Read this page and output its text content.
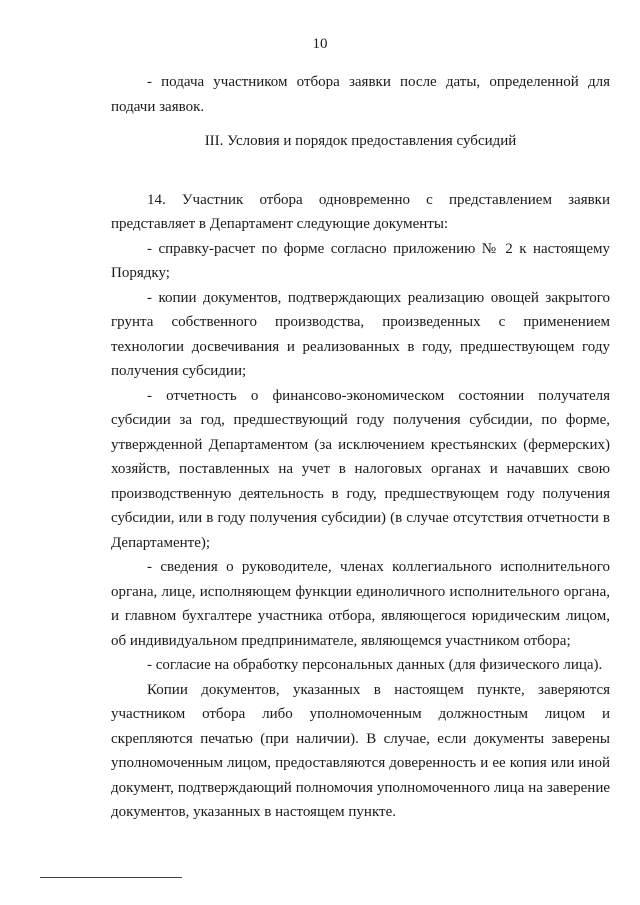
10

- подача участником отбора заявки после даты, определенной для подачи заявок.

III. Условия и порядок предоставления субсидий

14. Участник отбора одновременно с представлением заявки представляет в Департамент следующие документы:

- справку-расчет по форме согласно приложению № 2 к настоящему Порядку;

- копии документов, подтверждающих реализацию овощей закрытого грунта собственного производства, произведенных с применением технологии досвечивания и реализованных в году, предшествующем году получения субсидии;

- отчетность о финансово-экономическом состоянии получателя субсидии за год, предшествующий году получения субсидии, по форме, утвержденной Департаментом (за исключением крестьянских (фермерских) хозяйств, поставленных на учет в налоговых органах и начавших свою производственную деятельность в году, предшествующем году получения субсидии, или в году получения субсидии) (в случае отсутствия отчетности в Департаменте);

- сведения о руководителе, членах коллегиального исполнительного органа, лице, исполняющем функции единоличного исполнительного органа, и главном бухгалтере участника отбора, являющегося юридическим лицом, об индивидуальном предпринимателе, являющемся участником отбора;

- согласие на обработку персональных данных (для физического лица).

Копии документов, указанных в настоящем пункте, заверяются участником отбора либо уполномоченным должностным лицом и скрепляются печатью (при наличии). В случае, если документы заверены уполномоченным лицом, предоставляются доверенность и ее копия или иной документ, подтверждающий полномочия уполномоченного лица на заверение документов, указанных в настоящем пункте.
